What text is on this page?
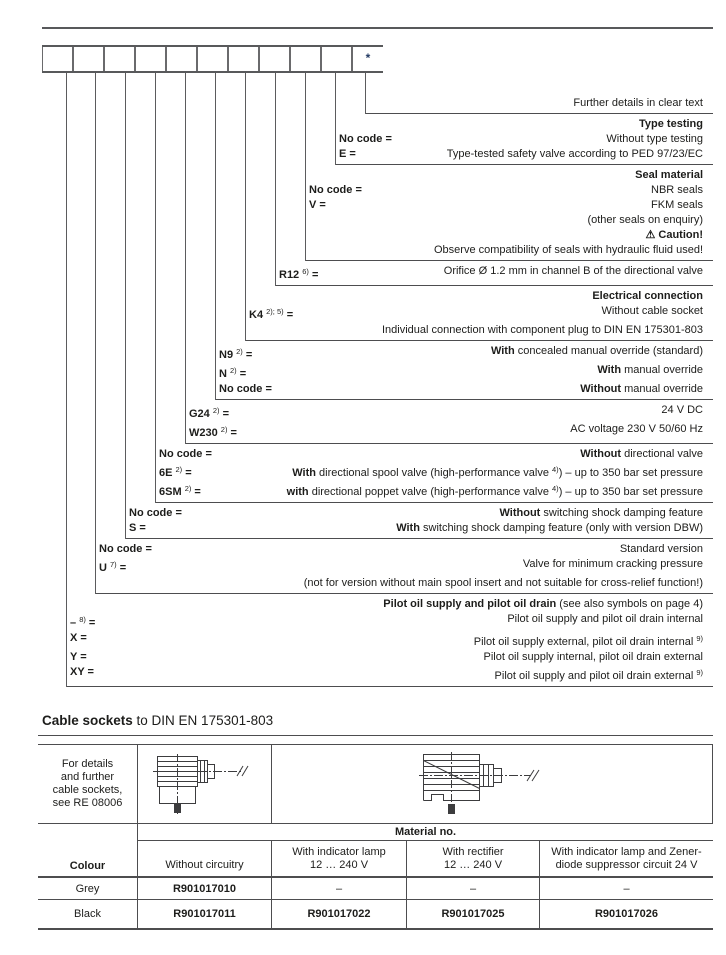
*
Further details in clear text
Type testing
No code =	Without type testing
E =	Type-tested safety valve according to PED 97/23/EC
Seal material
No code =	NBR seals
V =	FKM seals
(other seals on enquiry)
⚠ Caution!
Observe compatibility of seals with hydraulic fluid used!
R12 $^{6)}$ =	Orifice Ø 1.2 mm in channel B of the directional valve
Electrical connection
K4 $^{2); 5)}$ =	Without cable socket
Individual connection with component plug to DIN EN 175301-803
N9 $^{2)}$ =	With concealed manual override (standard)
N $^{2)}$ =	With manual override
No code =	Without manual override
G24 $^{2)}$ =	24 V DC
W230 $^{2)}$ =	AC voltage 230 V 50/60 Hz
No code =	Without directional valve
6E $^{2)}$ =	With directional spool valve (high-performance valve $^{4)}$) – up to 350 bar set pressure
6SM $^{2)}$ =	with directional poppet valve (high-performance valve $^{4)}$) – up to 350 bar set pressure
No code =	Without switching shock damping feature
S =	With switching shock damping feature (only with version DBW)
No code =	Standard version
U $^{7)}$ =	Valve for minimum cracking pressure
(not for version without main spool insert and not suitable for cross-relief function!)
Pilot oil supply and pilot oil drain (see also symbols on page 4)
– $^{8)}$ =	Pilot oil supply and pilot oil drain internal
X =	Pilot oil supply external, pilot oil drain internal $^{9)}$
Y =	Pilot oil supply internal, pilot oil drain external
XY =	Pilot oil supply and pilot oil drain external $^{9)}$
Cable sockets to DIN EN 175301-803
For details
and further
cable sockets,
see RE 08006
Colour
Material no.
Without circuitry
With indicator lamp
12 … 240 V
With rectifier
12 … 240 V
With indicator lamp and Zener-
diode suppressor circuit 24 V
Grey	R901017010	–	–	–
Black	R901017011	R901017022	R901017025	R901017026
